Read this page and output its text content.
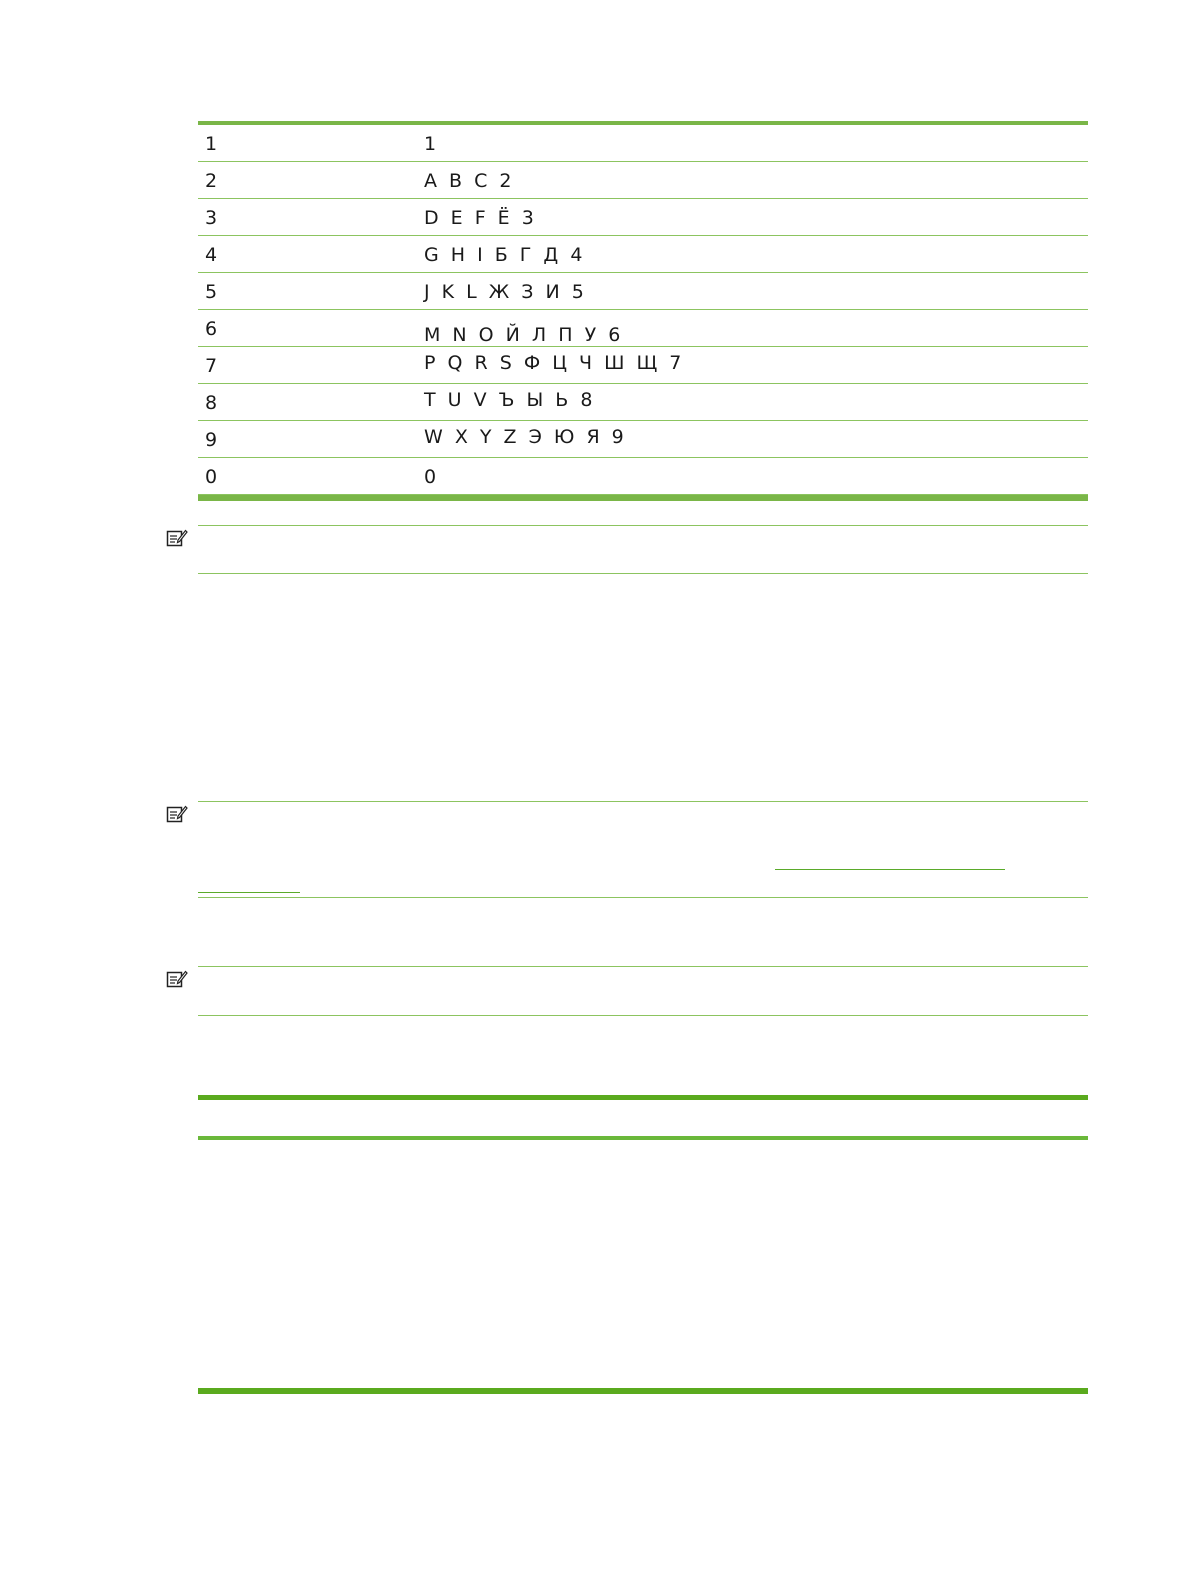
1	1
2	A B C 2
3	D E F Ё 3
4	G H I Б Г Д 4
5	J K L Ж З И 5
6	M N O Й Л П У 6
7	P Q R S Ф Ц Ч Ш Щ 7
8	T U V Ъ Ы Ь 8
9	W X Y Z Э Ю Я 9
0	0
